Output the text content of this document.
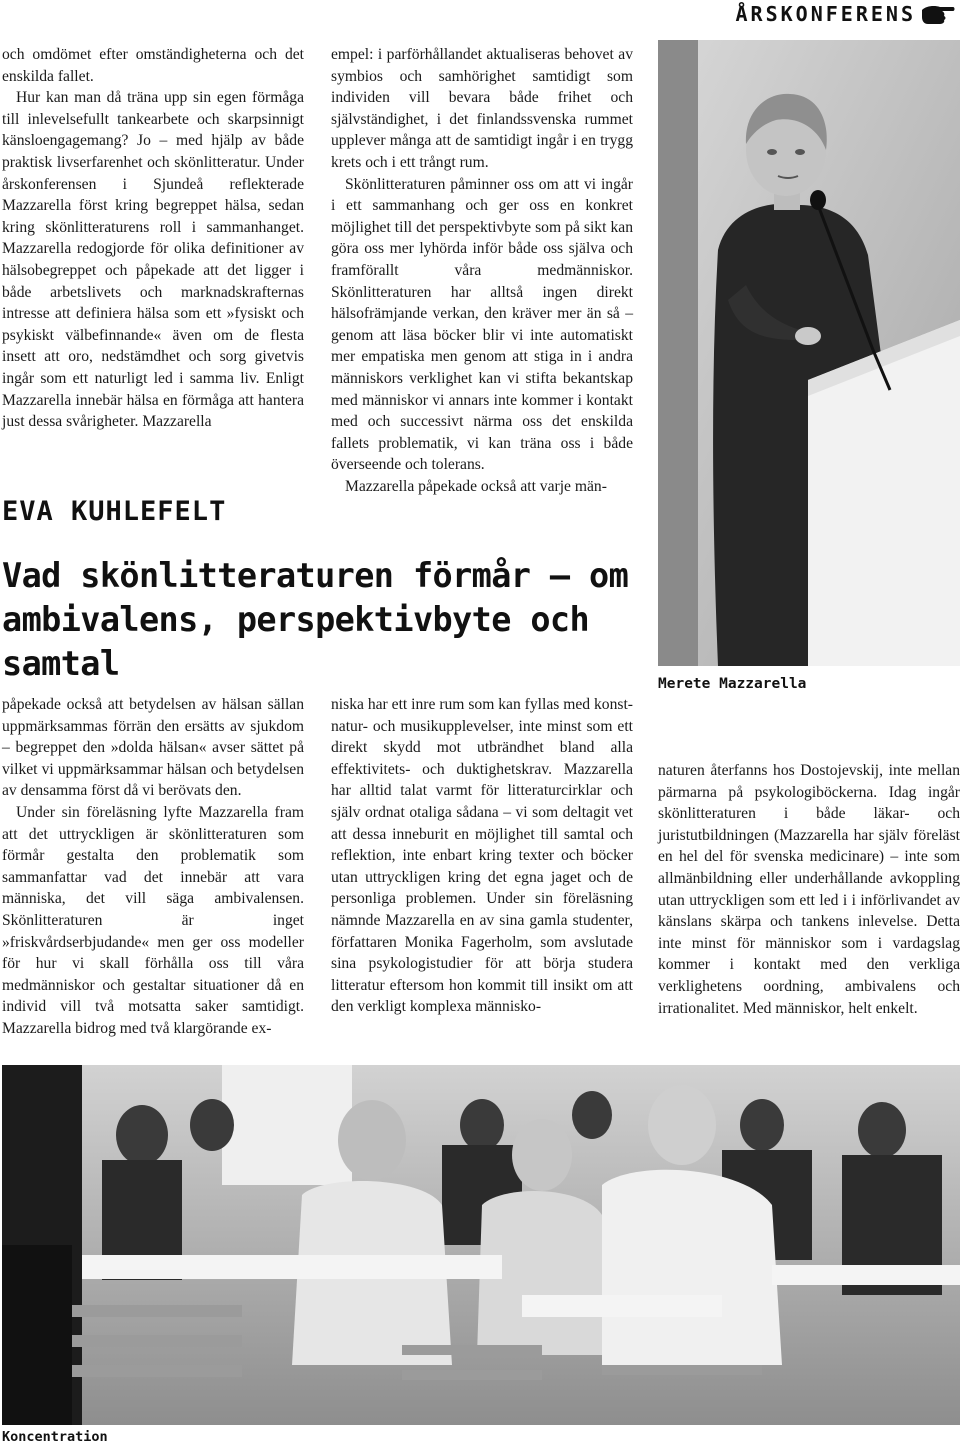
ÅRSKONFERENS

och omdömet efter omständigheterna och det enskilda fallet.

Hur kan man då träna upp sin egen förmåga till inlevelsefullt tankearbete och skarpsinnigt känsloengagemang? Jo – med hjälp av både praktisk livserfarenhet och skönlitteratur. Under årskonferensen i Sjundeå reflekterade Mazzarella först kring begreppet hälsa, sedan kring skönlitteraturens roll i sammanhanget. Mazzarella redogjorde för olika definitioner av hälsobegreppet och påpekade att det ligger i både arbetslivets och marknadskrafternas intresse att definiera hälsa som ett »fysiskt och psykiskt välbefinnande« även om de flesta insett att oro, nedstämdhet och sorg givetvis ingår som ett naturligt led i samma liv. Enligt Mazzarella innebär hälsa en förmåga att hantera just dessa svårigheter. Mazzarella

empel: i parförhållandet aktualiseras behovet av symbios och samhörighet samtidigt som individen vill bevara både frihet och självständighet, i det finlandssvenska rummet upplever många att de samtidigt ingår i en trygg krets och i ett trångt rum.

Skönlitteraturen påminner oss om att vi ingår i ett sammanhang och ger oss en konkret möjlighet till det perspektivbyte som på sikt kan göra oss mer lyhörda inför både oss själva och framförallt våra medmänniskor. Skönlitteraturen har alltså ingen direkt hälsofrämjande verkan, den kräver mer än så – genom att läsa böcker blir vi inte automatiskt mer empatiska men genom att stiga in i andra människors verklighet kan vi stifta bekantskap med människor vi annars inte kommer i kontakt med och successivt närma oss det enskilda fallets problematik, vi kan träna oss i både överseende och tolerans.

Mazzarella påpekade också att varje män-

EVA KUHLEFELT
Vad skönlitteraturen förmår – om ambivalens, perspektivbyte och samtal
Merete Mazzarella

påpekade också att betydelsen av hälsan sällan uppmärksammas förrän den ersätts av sjukdom – begreppet den »dolda hälsan« avser sättet på vilket vi uppmärksammar hälsan och betydelsen av densamma först då vi berövats den.

Under sin föreläsning lyfte Mazzarella fram att det uttryckligen är skönlitteraturen som förmår gestalta den problematik som sammanfattar vad det innebär att vara människa, det vill säga ambivalensen. Skönlitteraturen är inget »friskvårdserbjudande« men ger oss modeller för hur vi skall förhålla oss till våra medmänniskor och gestaltar situationer då en individ vill två motsatta saker samtidigt. Mazzarella bidrog med två klargörande ex-

niska har ett inre rum som kan fyllas med konst- natur- och musikupplevelser, inte minst som ett direkt skydd mot utbrändhet bland alla effektivitets- och duktighetskrav. Mazzarella har alltid talat varmt för litteraturcirklar och själv ordnat otaliga sådana – vi som deltagit vet att dessa inneburit en möjlighet till samtal och reflektion, inte enbart kring texter och böcker utan uttryckligen kring det egna jaget och de personliga problemen. Under sin föreläsning nämnde Mazzarella en av sina gamla studenter, författaren Monika Fagerholm, som avslutade sina psykologistudier för att börja studera litteratur eftersom hon kommit till insikt om att den verkligt komplexa människo-

naturen återfanns hos Dostojevskij, inte mellan pärmarna på psykologiböckerna. Idag ingår skönlitteraturen i både läkar- och juristutbildningen (Mazzarella har själv föreläst en hel del för svenska medicinare) – inte som allmänbildning eller underhållande avkoppling utan uttryckligen som ett led i i införlivandet av känslans skärpa och tankens inlevelse. Detta inte minst för människor som i vardagslag kommer i kontakt med den verkliga verklighetens oordning, ambivalens och irrationalitet. Med människor, helt enkelt.

Koncentration
